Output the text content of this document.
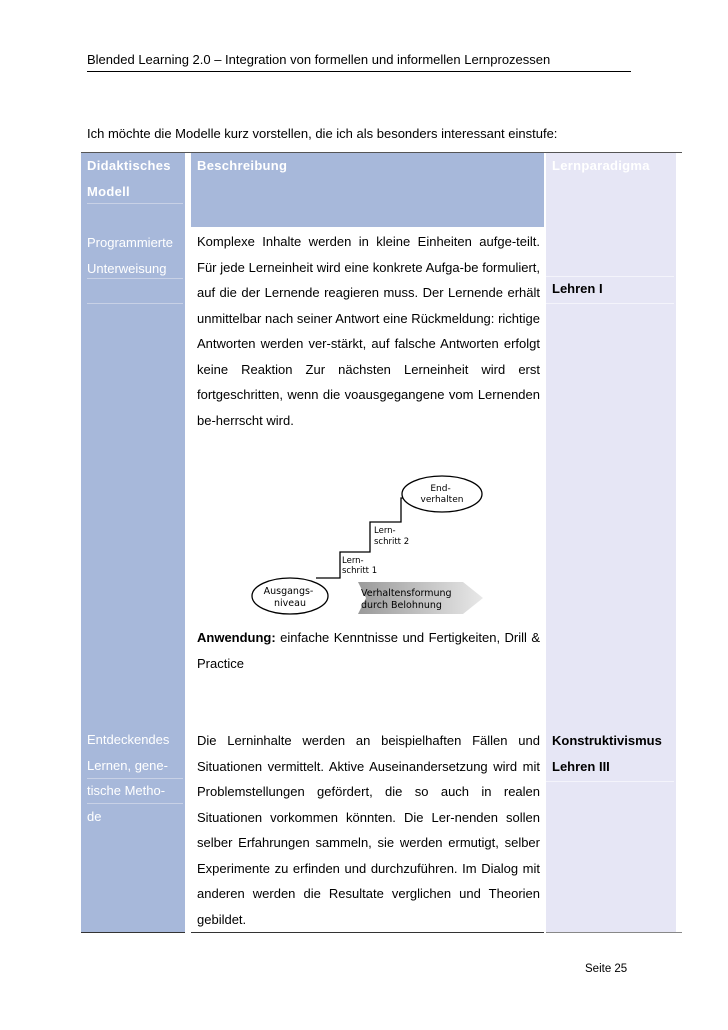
Blended Learning 2.0 – Integration von formellen und informellen Lernprozessen
Ich möchte die Modelle kurz vorstellen, die ich als besonders interessant einstufe:
Didaktisches
Modell
Programmierte
Unterweisung
Entdeckendes
Lernen, gene-
tische Metho-
de
Beschreibung
Komplexe Inhalte werden in kleine Einheiten aufge-teilt. Für jede Lerneinheit wird eine konkrete Aufga-be formuliert, auf die der Lernende reagieren muss. Der Lernende erhält unmittelbar nach seiner Antwort eine Rückmeldung: richtige Antworten werden ver-stärkt, auf falsche Antworten erfolgt keine Reaktion Zur nächsten Lerneinheit wird erst fortgeschritten, wenn die voausgegangene vom Lernenden be-herrscht wird.
Ausgangs- niveau
Lern- schritt 1
Lern- schritt 2
End- verhalten
Verhaltensformung durch Belohnung
Anwendung: einfache Kenntnisse und Fertigkeiten, Drill & Practice
Die Lerninhalte werden an beispielhaften Fällen und Situationen vermittelt. Aktive Auseinandersetzung wird mit Problemstellungen gefördert, die so auch in realen Situationen vorkommen könnten. Die Ler-nenden sollen selber Erfahrungen sammeln, sie werden ermutigt, selber Experimente zu erfinden und durchzuführen. Im Dialog mit anderen werden die Resultate verglichen und Theorien gebildet.
Lernparadigma
Lehren I
Konstruktivismus
Lehren III
Seite 25
